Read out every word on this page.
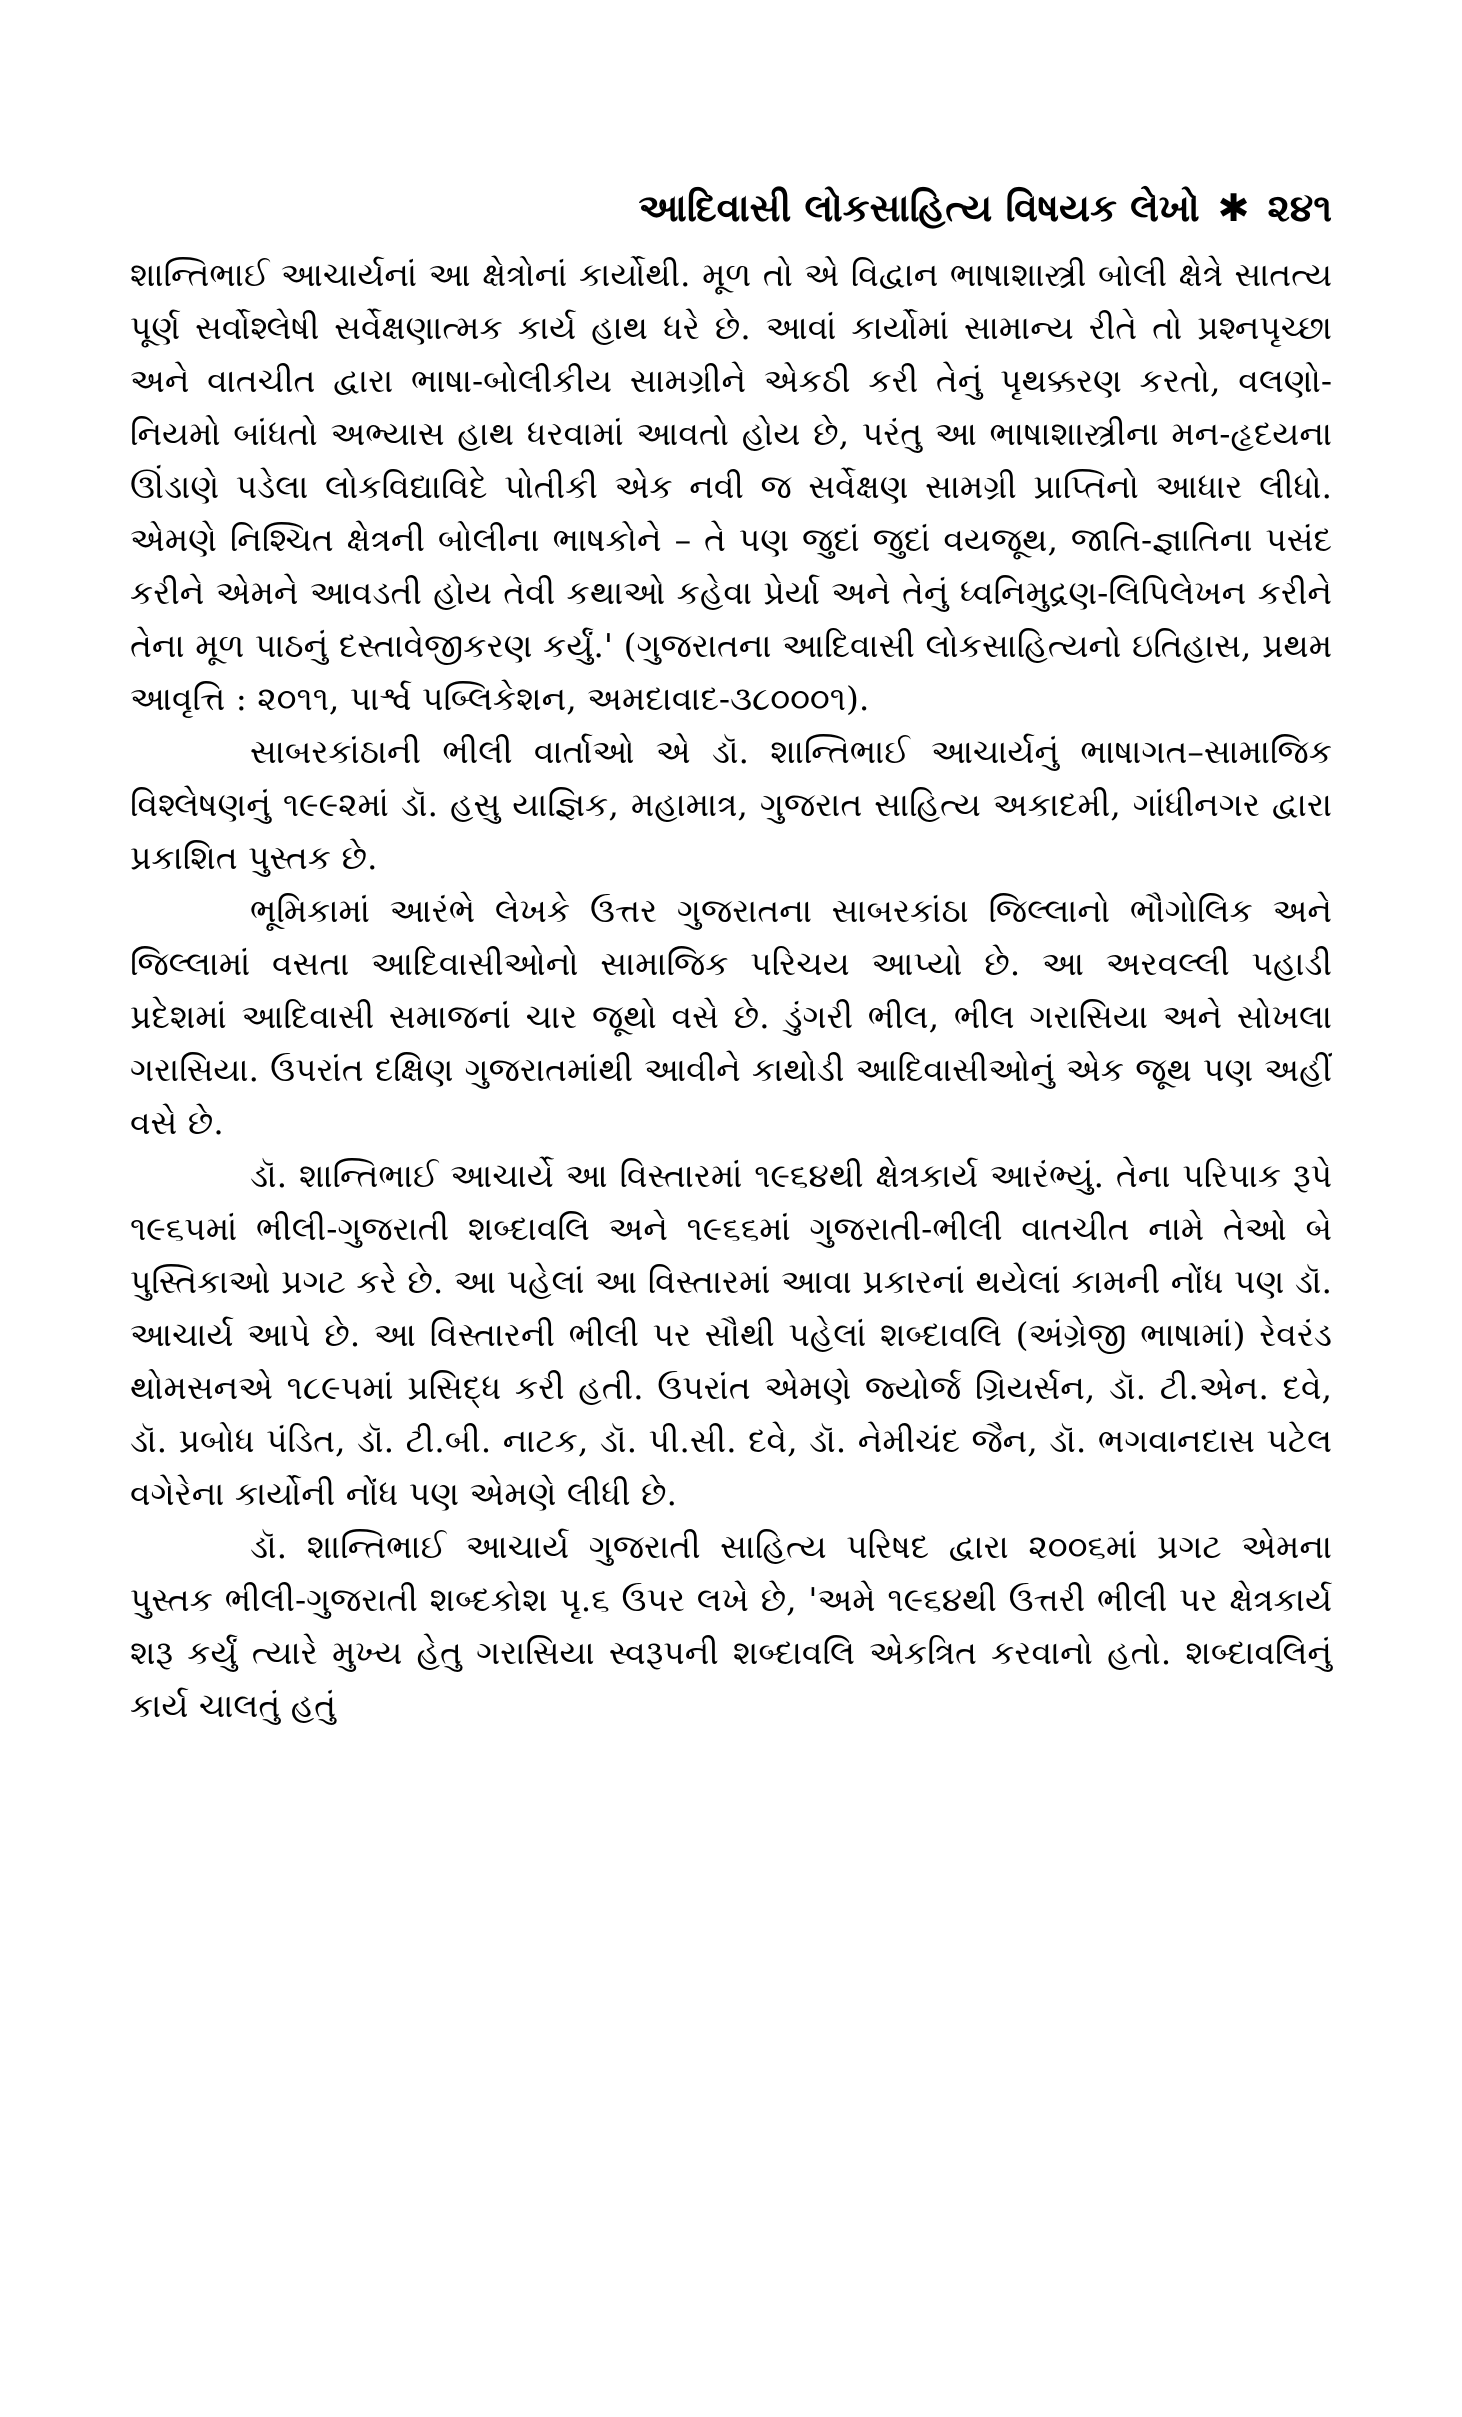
આદિવાસી લોકસાહિત્ય વિષયક લેખો ✱ ૨૪૧

શાન્તિભાઈ આચાર્યનાં આ ક્ષેત્રોનાં કાર્યોથી. મૂળ તો એ વિદ્વાન ભાષાશાસ્ત્રી બોલી ક્ષેત્રે સાતત્ય પૂર્ણ સર્વોશ્લેષી સર્વેક્ષણાત્મક કાર્ય હાથ ધરે છે. આવાં કાર્યોમાં સામાન્ય રીતે તો પ્રશ્નપૃચ્છા અને વાતચીત દ્વારા ભાષા-બોલીકીય સામગ્રીને એકઠી કરી તેનું પૃથક્કરણ કરતો, વલણો-નિયમો બાંધતો અભ્યાસ હાથ ધરવામાં આવતો હોય છે, પરંતુ આ ભાષાશાસ્ત્રીના મન-હૃદયના ઊંડાણે પડેલા લોકવિદ્યાવિદે પોતીકી એક નવી જ સર્વેક્ષણ સામગ્રી પ્રાપ્તિનો આધાર લીધો. એમણે નિશ્ચિત ક્ષેત્રની બોલીના ભાષકોને – તે પણ જુદાં જુદાં વયજૂથ, જાતિ-જ્ઞાતિના પસંદ કરીને એમને આવડતી હોય તેવી કથાઓ કહેવા પ્રેર્યા અને તેનું ધ્વનિમુદ્રણ-લિપિલેખન કરીને તેના મૂળ પાઠનું દસ્તાવેજીકરણ કર્યું.' (ગુજરાતના આદિવાસી લોકસાહિત્યનો ઇતિહાસ, પ્રથમ આવૃત્તિ : ૨૦૧૧, પાર્શ્વ પબ્લિકેશન, અમદાવાદ-૩૮૦૦૦૧).

સાબરકાંઠાની ભીલી વાર્તાઓ એ ડૉ. શાન્તિભાઈ આચાર્યનું ભાષાગત–સામાજિક વિશ્લેષણનું ૧૯૯૨માં ડૉ. હસુ યાજ્ઞિક, મહામાત્ર, ગુજરાત સાહિત્ય અકાદમી, ગાંધીનગર દ્વારા પ્રકાશિત પુસ્તક છે.

ભૂમિકામાં આરંભે લેખકે ઉત્તર ગુજરાતના સાબરકાંઠા જિલ્લાનો ભૌગોલિક અને જિલ્લામાં વસતા આદિવાસીઓનો સામાજિક પરિચય આપ્યો છે. આ અરવલ્લી પહાડી પ્રદેશમાં આદિવાસી સમાજનાં ચાર જૂથો વસે છે. ડુંગરી ભીલ, ભીલ ગરાસિયા અને સોખલા ગરાસિયા. ઉપરાંત દક્ષિણ ગુજરાતમાંથી આવીને કાથોડી આદિવાસીઓનું એક જૂથ પણ અહીં વસે છે.

ડૉ. શાન્તિભાઈ આચાર્યે આ વિસ્તારમાં ૧૯૬૪થી ક્ષેત્રકાર્ય આરંભ્યું. તેના પરિપાક રૂપે ૧૯૬૫માં ભીલી-ગુજરાતી શબ્દાવલિ અને ૧૯૬૬માં ગુજરાતી-ભીલી વાતચીત નામે તેઓ બે પુસ્તિકાઓ પ્રગટ કરે છે. આ પહેલાં આ વિસ્તારમાં આવા પ્રકારનાં થયેલાં કામની નોંધ પણ ડૉ. આચાર્ય આપે છે. આ વિસ્તારની ભીલી પર સૌથી પહેલાં શબ્દાવલિ (અંગ્રેજી ભાષામાં) રેવરંડ થોમસનએ ૧૮૯૫માં પ્રસિદ્ધ કરી હતી. ઉપરાંત એમણે જ્યોર્જ ગ્રિયર્સન, ડૉ. ટી.એન. દવે, ડૉ. પ્રબોધ પંડિત, ડૉ. ટી.બી. નાટક, ડૉ. પી.સી. દવે, ડૉ. નેમીચંદ જૈન, ડૉ. ભગવાનદાસ પટેલ વગેરેના કાર્યોની નોંધ પણ એમણે લીધી છે.

ડૉ. શાન્તિભાઈ આચાર્ય ગુજરાતી સાહિત્ય પરિષદ દ્વારા ૨૦૦૬માં પ્રગટ એમના પુસ્તક ભીલી-ગુજરાતી શબ્દકોશ પૃ.૬ ઉપર લખે છે, 'અમે ૧૯૬૪થી ઉત્તરી ભીલી પર ક્ષેત્રકાર્ય શરૂ કર્યું ત્યારે મુખ્ય હેતુ ગરાસિયા સ્વરૂપની શબ્દાવલિ એકત્રિત કરવાનો હતો. શબ્દાવલિનું કાર્ય ચાલતું હતું
